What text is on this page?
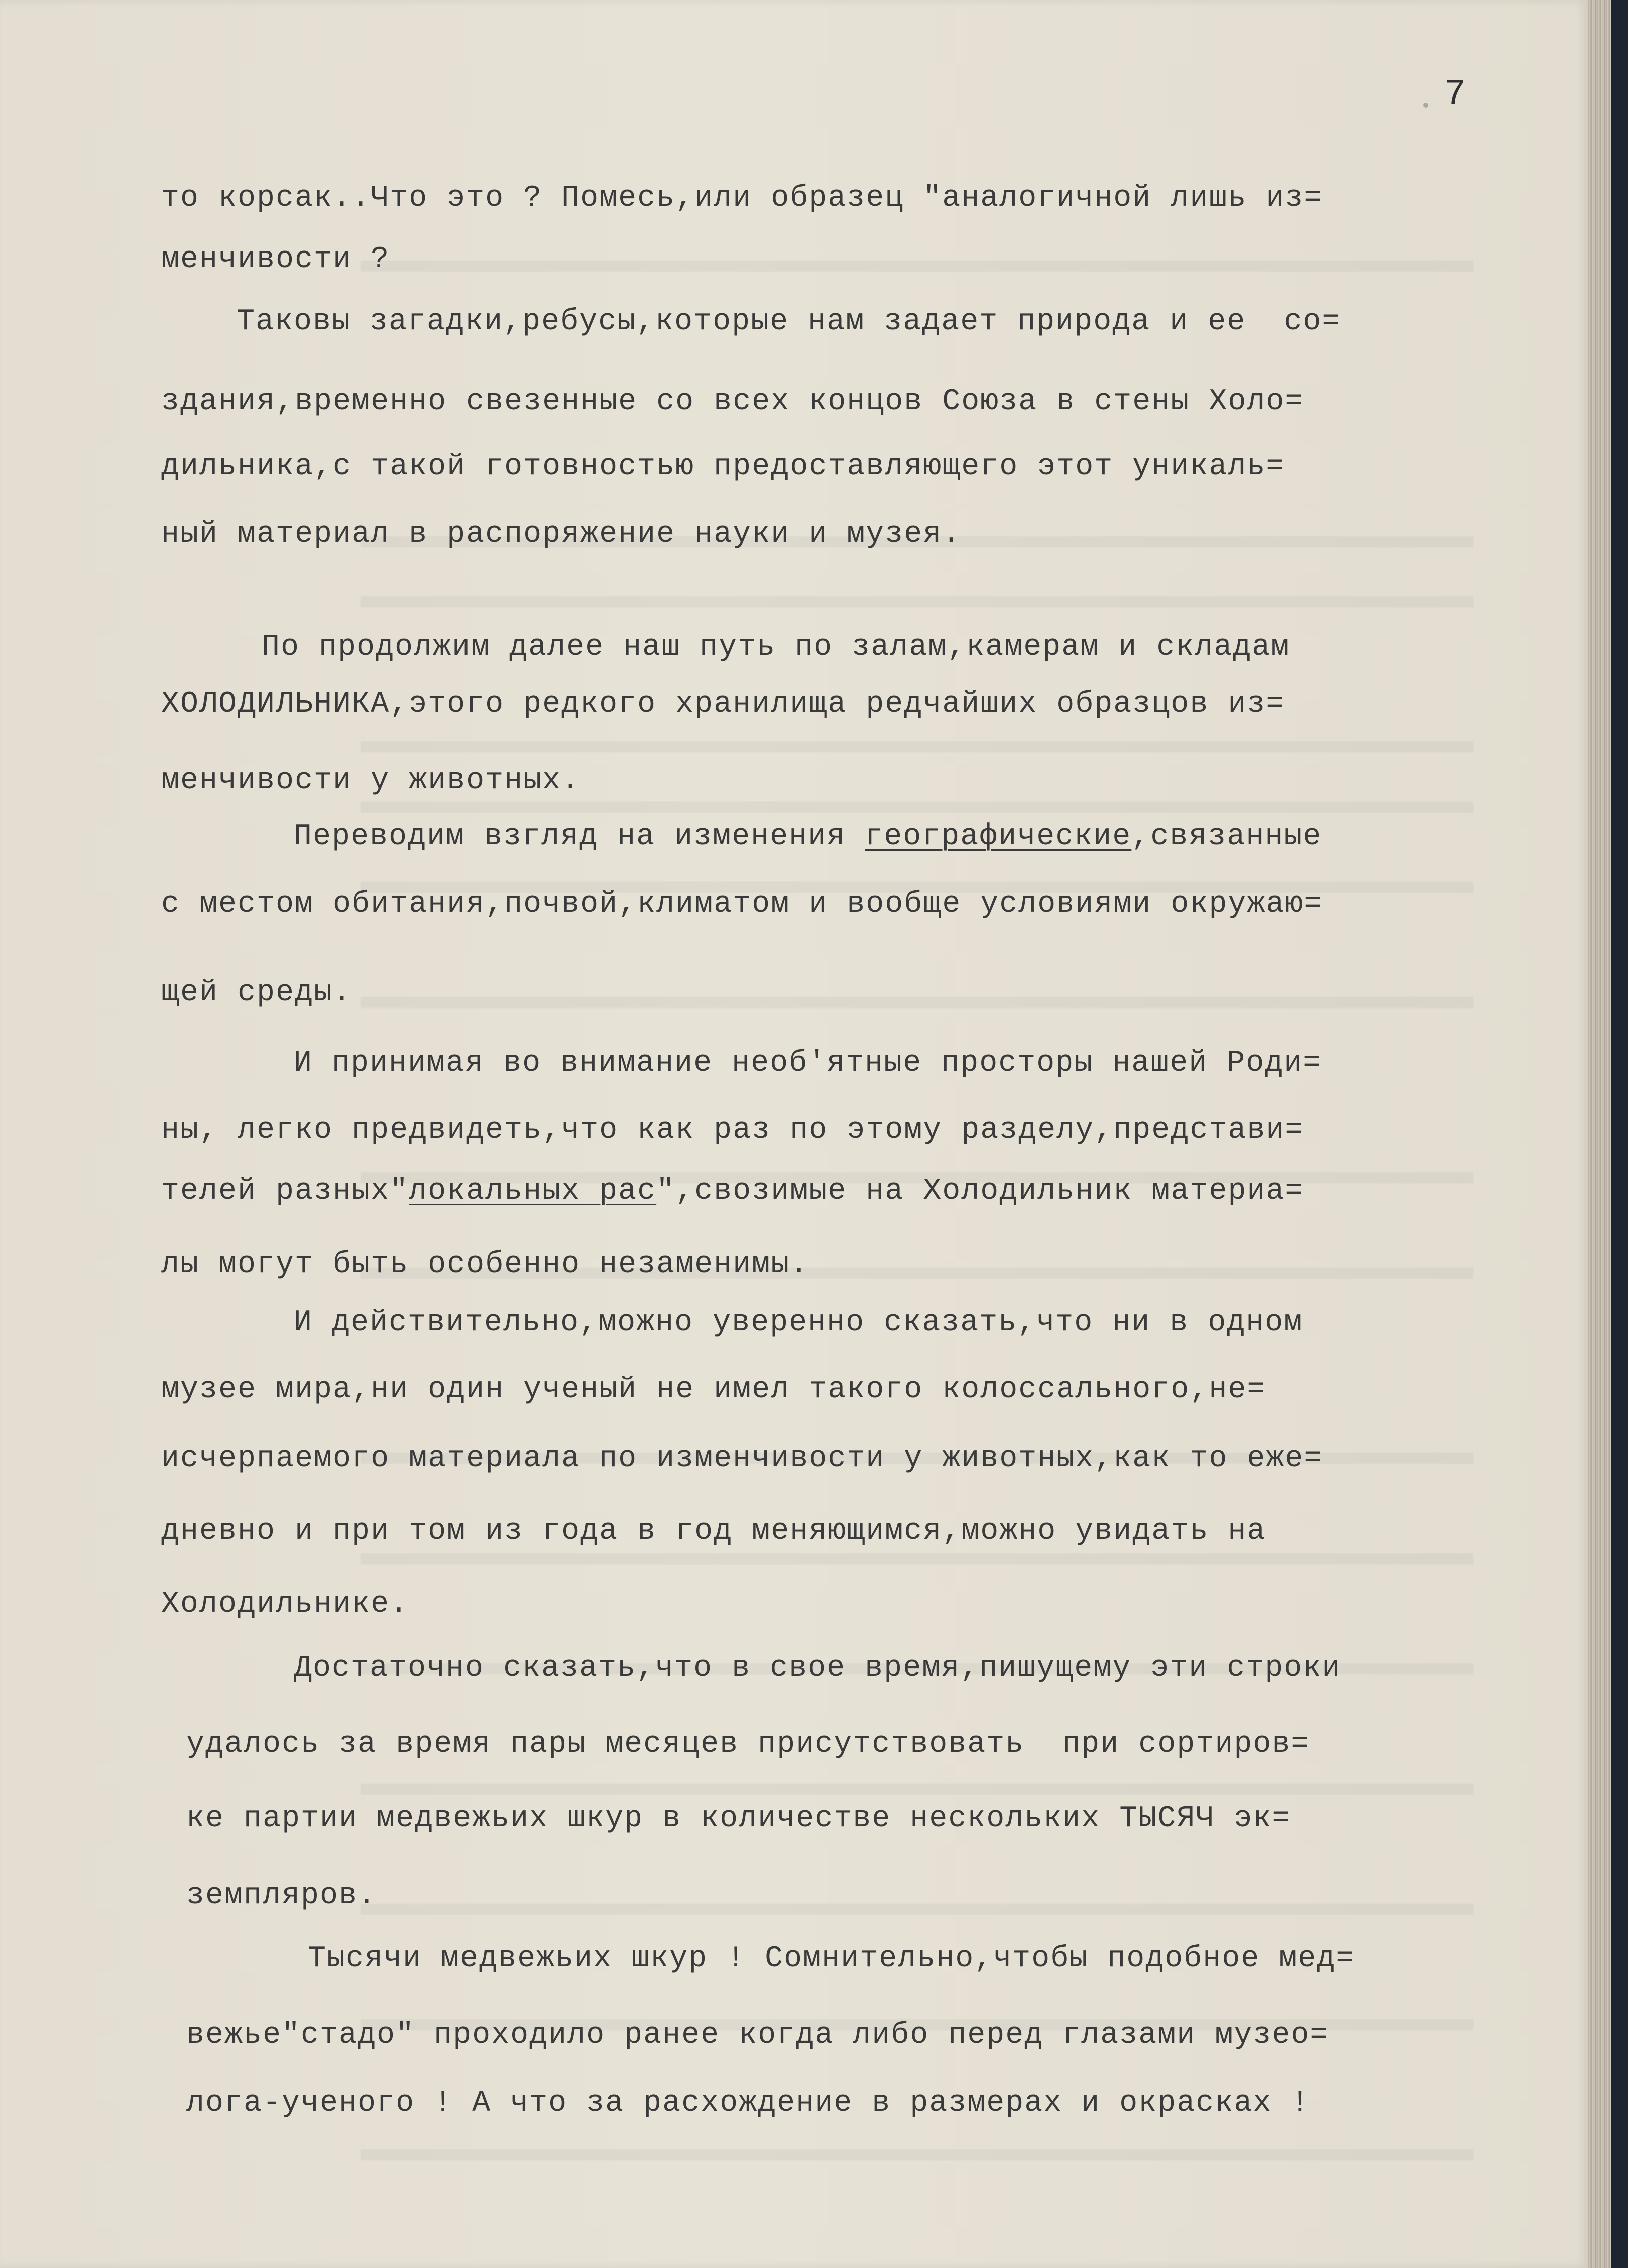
7

то корсак..Что это ? Помесь,или образец "аналогичной лишь из=

менчивости ?

Таковы загадки,ребусы,которые нам задает природа и ее  со=

здания,временно свезенные со всех концов Союза в стены Холо=

дильника,с такой готовностью предоставляющего этот уникаль=

ный материал в распоряжение науки и музея.

По продолжим далее наш путь по залам,камерам и складам

ХОЛОДИЛЬНИКА,этого редкого хранилища редчайших образцов из=

менчивости у животных.

Переводим взгляд на изменения географические,связанные

с местом обитания,почвой,климатом и вообще условиями окружаю=

щей среды.

И принимая во внимание необ'ятные просторы нашей Роди=

ны, легко предвидеть,что как раз по этому разделу,представи=

телей разных"локальных рас",свозимые на Холодильник материа=

лы могут быть особенно незаменимы.

И действительно,можно уверенно сказать,что ни в одном

музее мира,ни один ученый не имел такого колоссального,не=

исчерпаемого материала по изменчивости у животных,как то еже=

дневно и при том из года в год меняющимся,можно увидать на

Холодильнике.

Достаточно сказать,что в свое время,пишущему эти строки

удалось за время пары месяцев присутствовать  при сортиров=

ке партии медвежьих шкур в количестве нескольких ТЫСЯЧ эк=

земпляров.

Тысячи медвежьих шкур ! Сомнительно,чтобы подобное мед=

вежье"стадо" проходило ранее когда либо перед глазами музео=

лога-ученого ! А что за расхождение в размерах и окрасках !
